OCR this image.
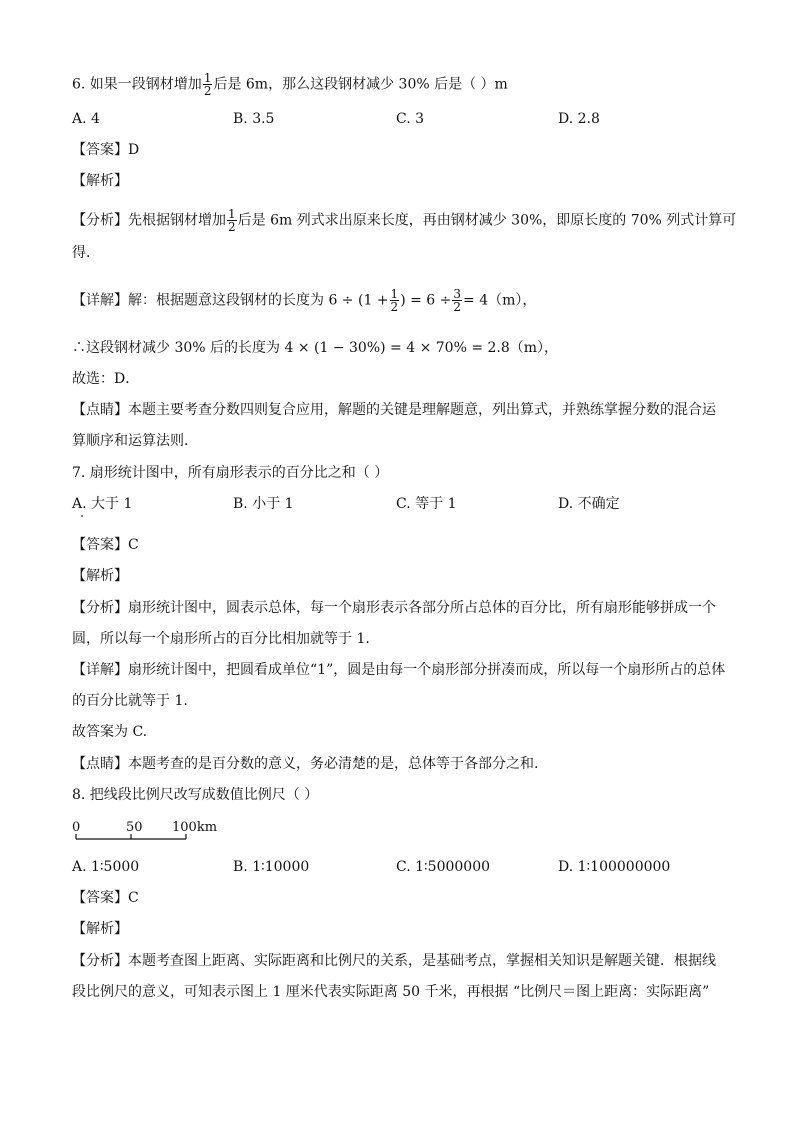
6. 如果一段钢材增加 $\frac{1}{2}$ 后是 6m，那么这段钢材减少 30% 后是（ ）m
A. 4	B. 3.5	C. 3	D. 2.8
【答案】D
【解析】
【分析】先根据钢材增加 $\frac{1}{2}$ 后是 6m 列式求出原来长度，再由钢材减少 30%，即原长度的 70% 列式计算可
得．
【详解】解：根据题意这段钢材的长度为 $6 \div (1 + \frac{1}{2}$ ) = $6 \div \frac{3}{2} = 4(m)$，
∴这段钢材减少 30% 后的长度为 4 × (1 − 30%) = 4 × 70% = 2.8（m），
故选：D．
【点睛】本题主要考查分数四则复合应用，解题的关键是理解题意，列出算式，并熟练掌握分数的混合运
算顺序和运算法则．
7. 扇形统计图中，所有扇形表示的百分比之和（ ）
A. 大于 1	B. 小于 1	C. 等于 1	D. 不确定
【答案】C
【解析】
【分析】扇形统计图中，圆表示总体，每一个扇形表示各部分所占总体的百分比，所有扇形能够拼成一个
圆，所以每一个扇形所占的百分比相加就等于 1.
【详解】扇形统计图中，把圆看成单位“1”，圆是由每一个扇形部分拼凑而成，所以每一个扇形所占的总体
的百分比就等于 1.
故答案为 C.
【点睛】本题考查的是百分数的意义，务必清楚的是，总体等于各部分之和.
8. 把线段比例尺改写成数值比例尺（ ）
0	50 100km
A. 1∶5000	B. 1∶10000	C. 1∶5000000	D. 1∶100000000
【答案】C
【解析】
【分析】本题考查图上距离、实际距离和比例尺的关系，是基础考点，掌握相关知识是解题关键．根据线
段比例尺的意义，可知表示图上 1 厘米代表实际距离 50 千米，再根据 “比例尺＝图上距离：实际距离”
